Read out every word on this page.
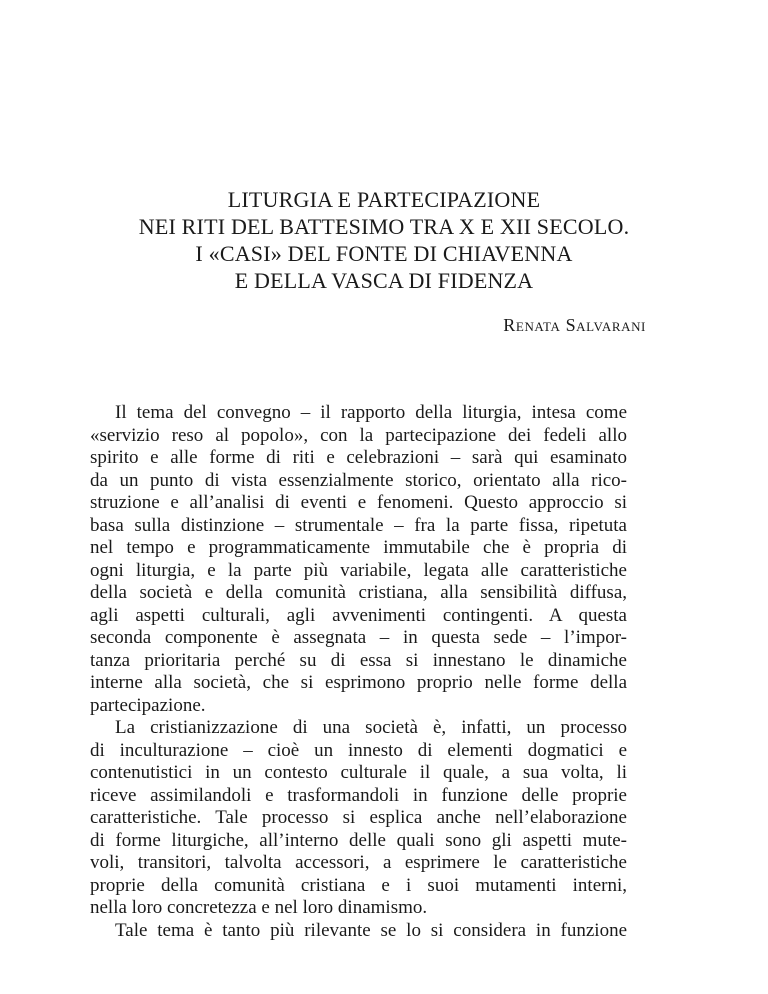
LITURGIA E PARTECIPAZIONE
NEI RITI DEL BATTESIMO TRA X E XII SECOLO.
I «CASI» DEL FONTE DI CHIAVENNA
E DELLA VASCA DI FIDENZA
Renata Salvarani

Il tema del convegno – il rapporto della liturgia, intesa come
«servizio reso al popolo», con la partecipazione dei fedeli allo
spirito e alle forme di riti e celebrazioni – sarà qui esaminato
da un punto di vista essenzialmente storico, orientato alla rico-
struzione e all’analisi di eventi e fenomeni. Questo approccio si
basa sulla distinzione – strumentale – fra la parte fissa, ripetuta
nel tempo e programmaticamente immutabile che è propria di
ogni liturgia, e la parte più variabile, legata alle caratteristiche
della società e della comunità cristiana, alla sensibilità diffusa,
agli aspetti culturali, agli avvenimenti contingenti. A questa
seconda componente è assegnata – in questa sede – l’impor-
tanza prioritaria perché su di essa si innestano le dinamiche
interne alla società, che si esprimono proprio nelle forme della
partecipazione.

La cristianizzazione di una società è, infatti, un processo
di inculturazione – cioè un innesto di elementi dogmatici e
contenutistici in un contesto culturale il quale, a sua volta, li
riceve assimilandoli e trasformandoli in funzione delle proprie
caratteristiche. Tale processo si esplica anche nell’elaborazione
di forme liturgiche, all’interno delle quali sono gli aspetti mute-
voli, transitori, talvolta accessori, a esprimere le caratteristiche
proprie della comunità cristiana e i suoi mutamenti interni,
nella loro concretezza e nel loro dinamismo.

Tale tema è tanto più rilevante se lo si considera in funzione
